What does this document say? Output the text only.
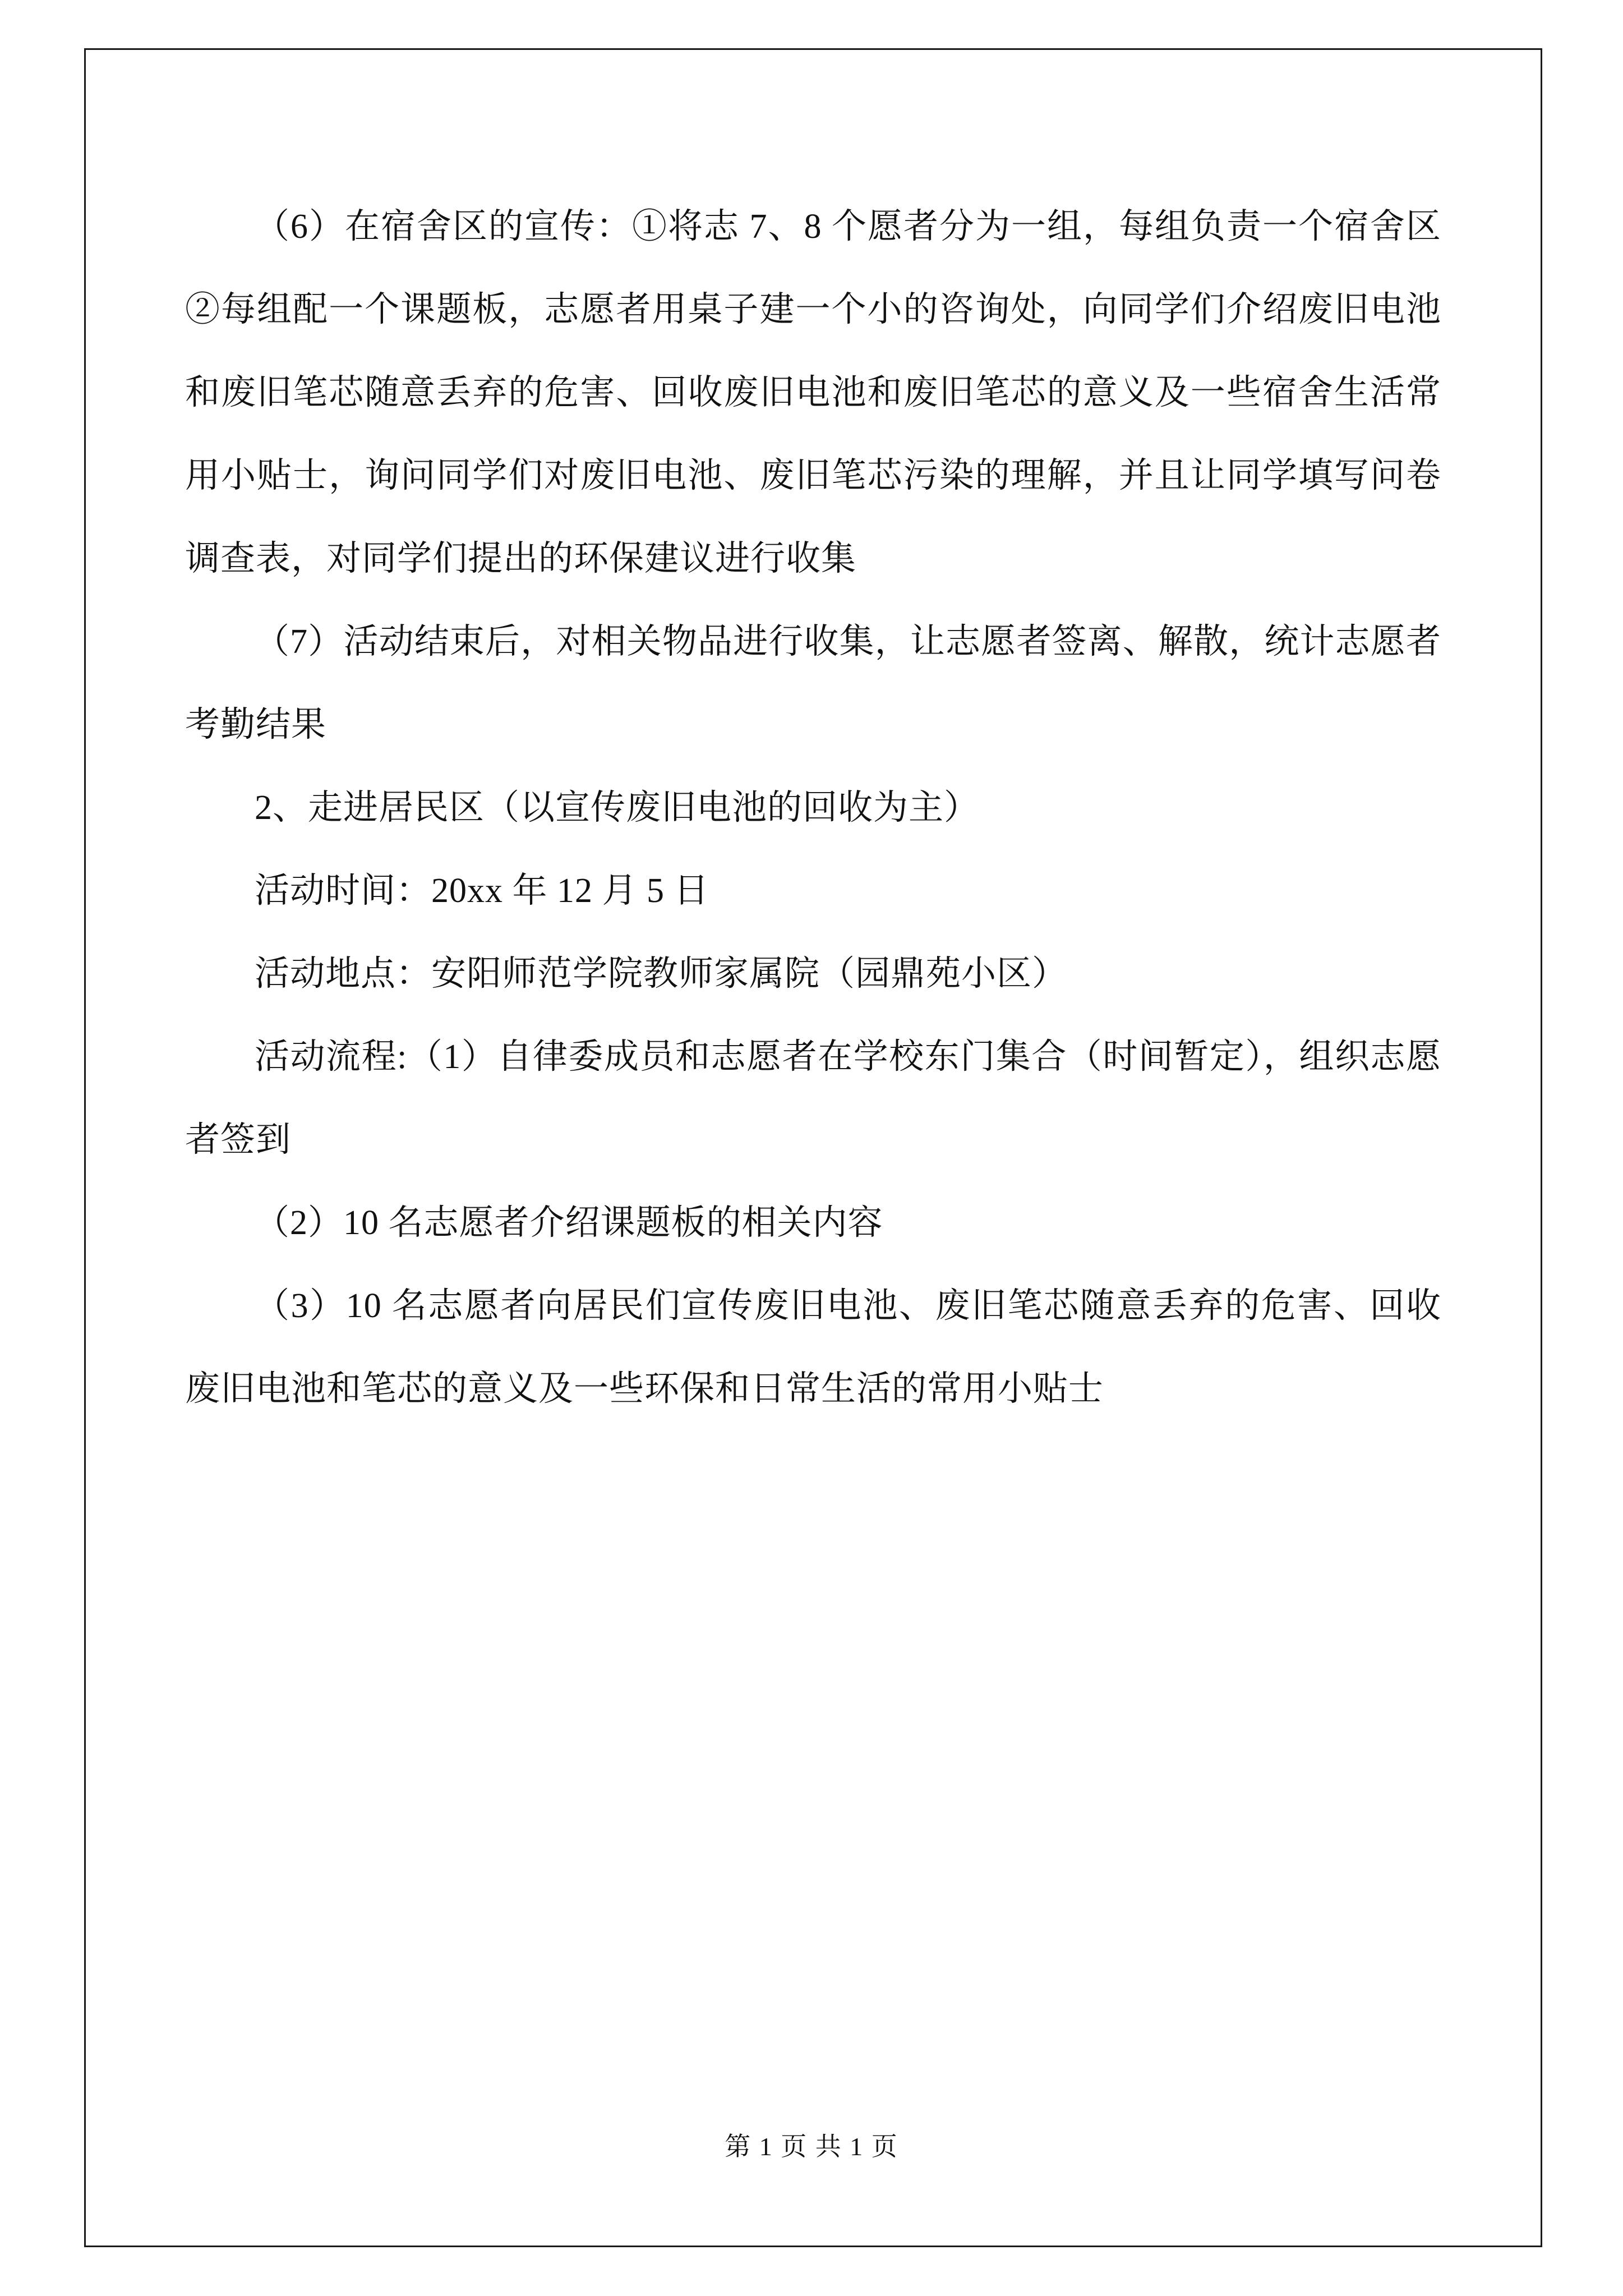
（6）在宿舍区的宣传：①将志 7、8 个愿者分为一组，每组负责一个宿舍区②每组配一个课题板，志愿者用桌子建一个小的咨询处，向同学们介绍废旧电池和废旧笔芯随意丢弃的危害、回收废旧电池和废旧笔芯的意义及一些宿舍生活常用小贴士，询问同学们对废旧电池、废旧笔芯污染的理解，并且让同学填写问卷调查表，对同学们提出的环保建议进行收集

（7）活动结束后，对相关物品进行收集，让志愿者签离、解散，统计志愿者考勤结果

2、走进居民区（以宣传废旧电池的回收为主）

活动时间：20xx 年 12 月 5 日

活动地点：安阳师范学院教师家属院（园鼎苑小区）

活动流程:（1）自律委成员和志愿者在学校东门集合（时间暂定），组织志愿者签到

（2）10 名志愿者介绍课题板的相关内容

（3）10 名志愿者向居民们宣传废旧电池、废旧笔芯随意丢弃的危害、回收废旧电池和笔芯的意义及一些环保和日常生活的常用小贴士

第 1 页 共 1 页
